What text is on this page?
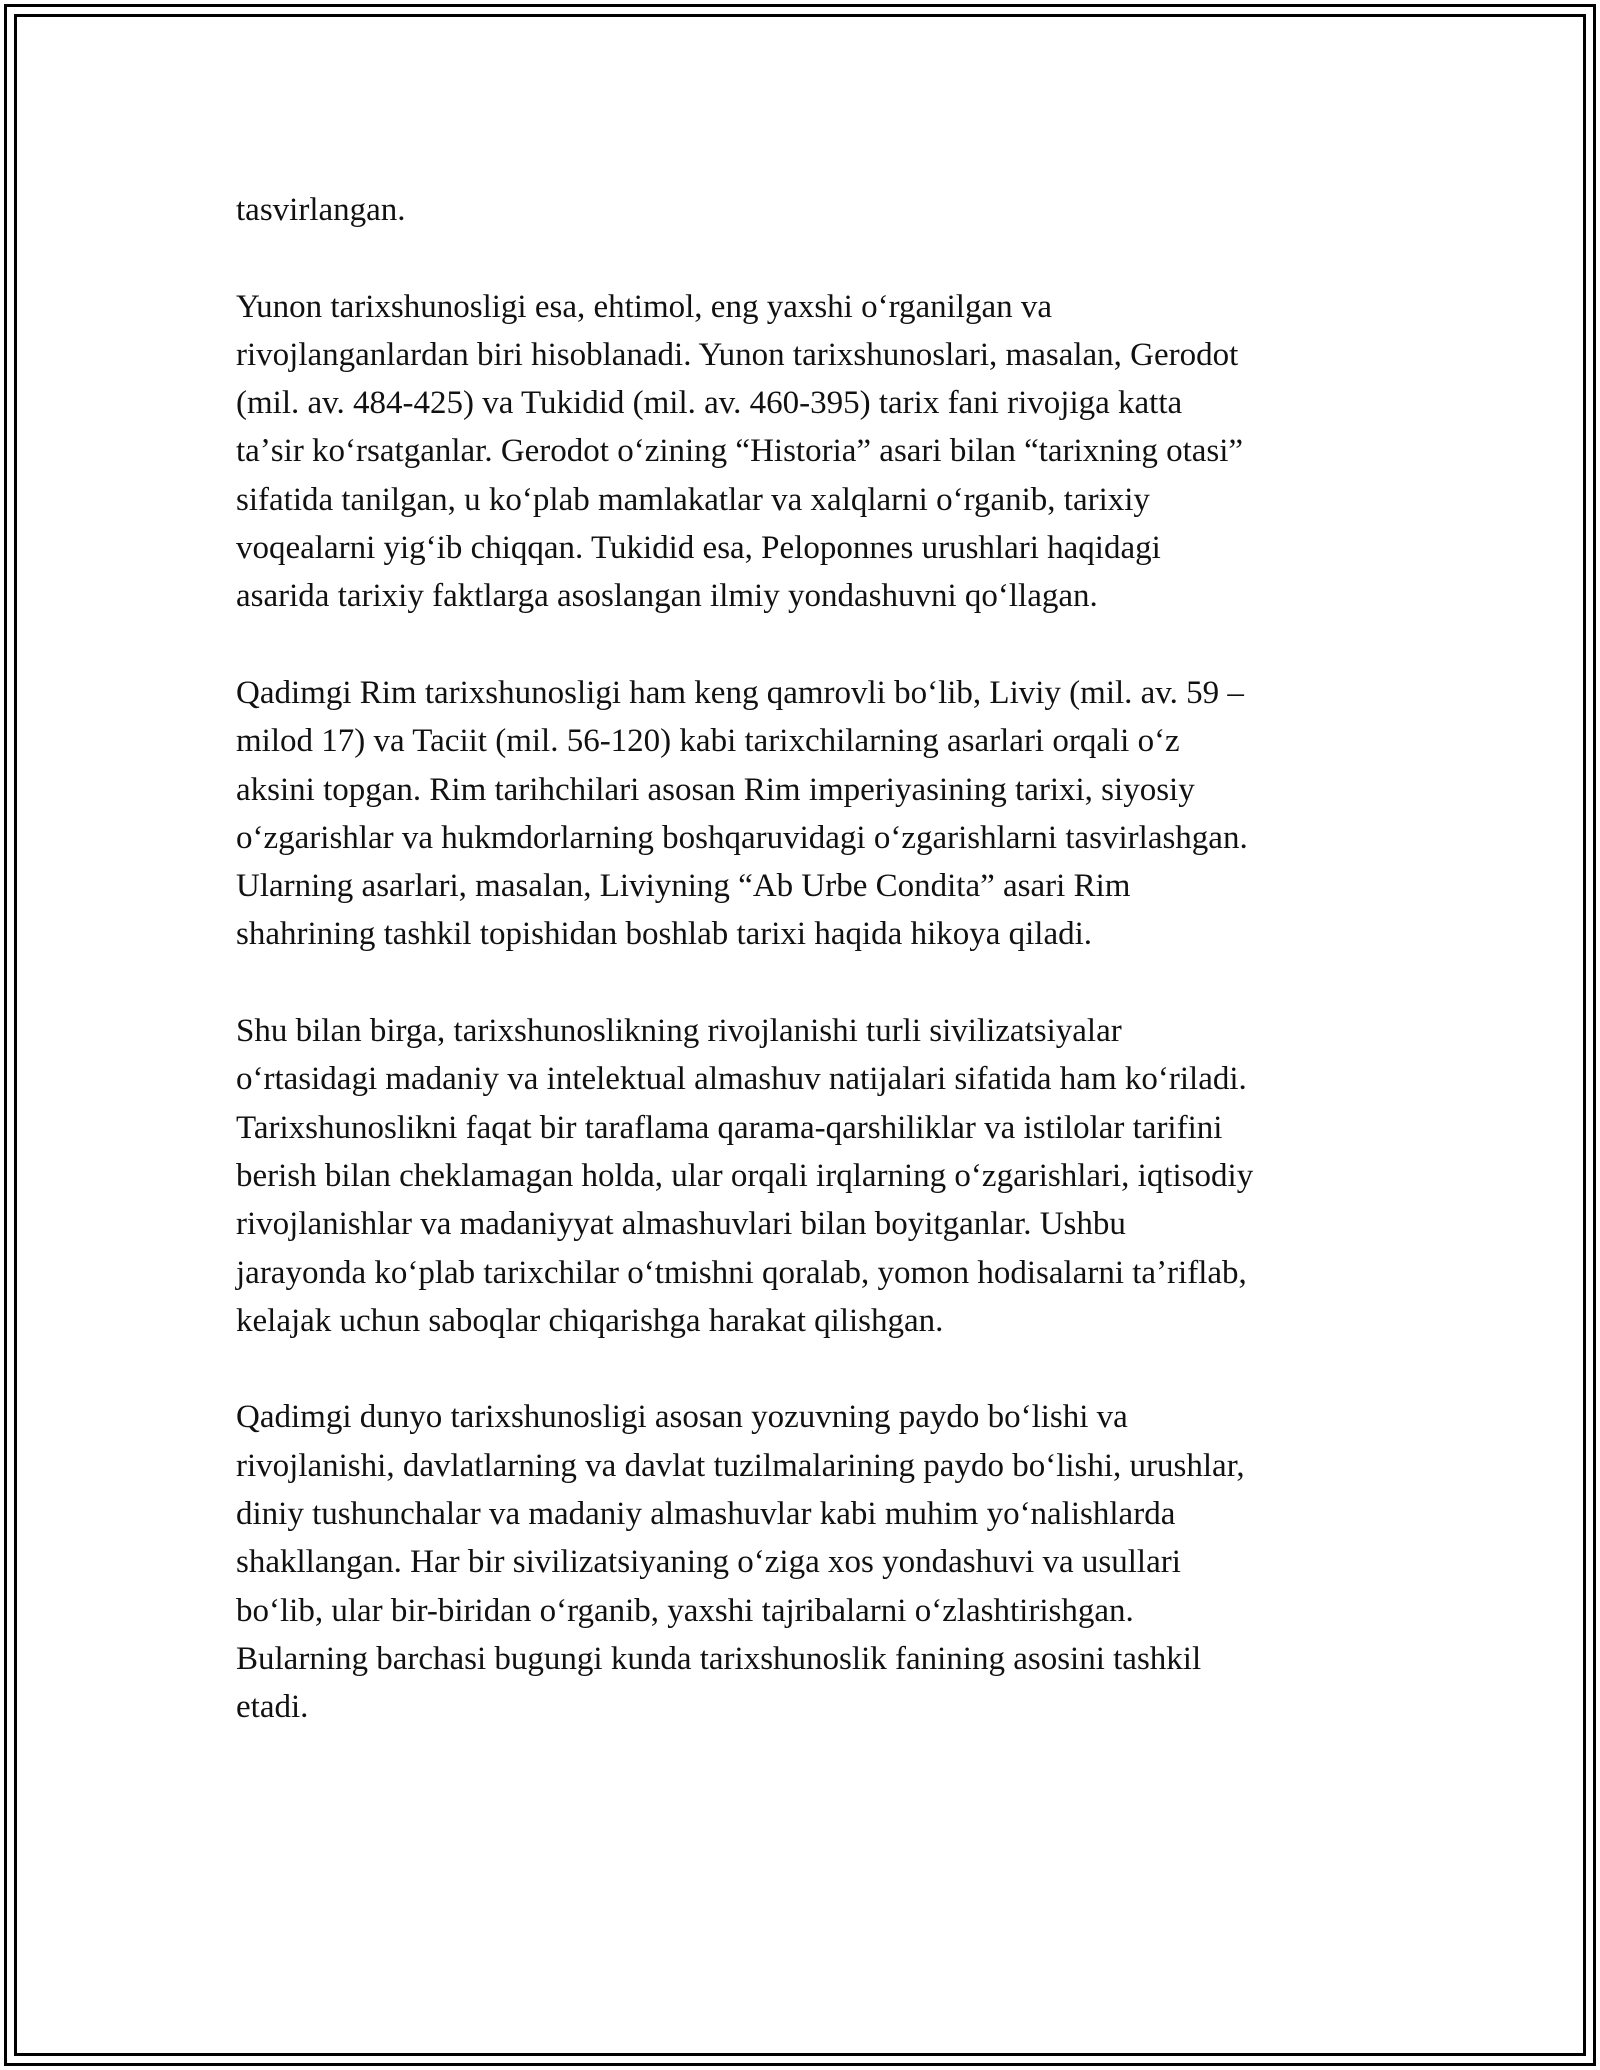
tasvirlangan.

Yunon tarixshunosligi esa, ehtimol, eng yaxshi oʻrganilgan va
rivojlanganlardan biri hisoblanadi. Yunon tarixshunoslari, masalan, Gerodot
(mil. av. 484-425) va Tukidid (mil. av. 460-395) tarix fani rivojiga katta
taʼsir koʻrsatganlar. Gerodot oʻzining “Historia” asari bilan “tarixning otasi”
sifatida tanilgan, u koʻplab mamlakatlar va xalqlarni oʻrganib, tarixiy
voqealarni yigʻib chiqqan. Tukidid esa, Peloponnes urushlari haqidagi
asarida tarixiy faktlarga asoslangan ilmiy yondashuvni qoʻllagan.

Qadimgi Rim tarixshunosligi ham keng qamrovli boʻlib, Liviy (mil. av. 59 –
milod 17) va Taciit (mil. 56-120) kabi tarixchilarning asarlari orqali oʻz
aksini topgan. Rim tarihchilari asosan Rim imperiyasining tarixi, siyosiy
oʻzgarishlar va hukmdorlarning boshqaruvidagi oʻzgarishlarni tasvirlashgan.
Ularning asarlari, masalan, Liviyning “Ab Urbe Condita” asari Rim
shahrining tashkil topishidan boshlab tarixi haqida hikoya qiladi.

Shu bilan birga, tarixshunoslikning rivojlanishi turli sivilizatsiyalar
oʻrtasidagi madaniy va intelektual almashuv natijalari sifatida ham koʻriladi.
Tarixshunoslikni faqat bir taraflama qarama-qarshiliklar va istilolar tarifini
berish bilan cheklamagan holda, ular orqali irqlarning oʻzgarishlari, iqtisodiy
rivojlanishlar va madaniyyat almashuvlari bilan boyitganlar. Ushbu
jarayonda koʻplab tarixchilar oʻtmishni qoralab, yomon hodisalarni taʼriflab,
kelajak uchun saboqlar chiqarishga harakat qilishgan.

Qadimgi dunyo tarixshunosligi asosan yozuvning paydo boʻlishi va
rivojlanishi, davlatlarning va davlat tuzilmalarining paydo boʻlishi, urushlar,
diniy tushunchalar va madaniy almashuvlar kabi muhim yoʻnalishlarda
shakllangan. Har bir sivilizatsiyaning oʻziga xos yondashuvi va usullari
boʻlib, ular bir-biridan oʻrganib, yaxshi tajribalarni oʻzlashtirishgan.
Bularning barchasi bugungi kunda tarixshunoslik fanining asosini tashkil
etadi.
